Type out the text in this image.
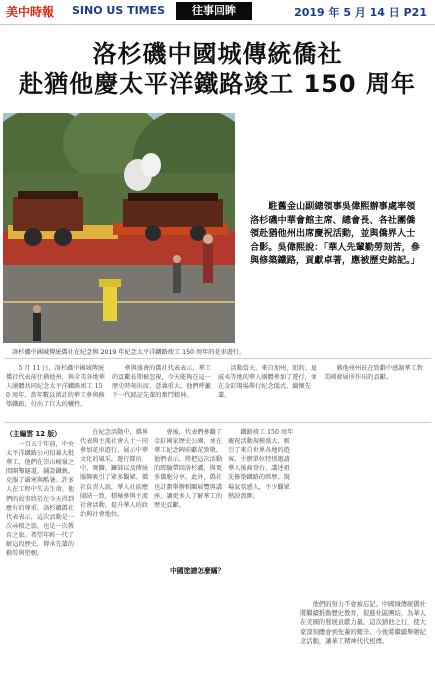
美中時報 SINO US TIMES	往事回眸	2019 年 5 月 14 日 P21
洛杉磯中國城傳統僑社
赴猶他慶太平洋鐵路竣工 150 周年
洛杉磯中國城傳統僑社在紀念與 2019 年紀念太平洋鐵路竣工 150 周年的花車遊行。

駐舊金山副總領事吳偉熙辦事處率領洛杉磯中華會館主席、總會長、各社團僑領赴猶他州出席慶祝活動，並與僑界人士合影。吳偉熙說：「華人先輩勤勞刻苦，參與修築鐵路，貢獻卓著，應被歷史銘記。」

5 月 11 日，洛杉磯中國城傳統僑社代表前往猶他州，與全美各地華人團體共同紀念太平洋鐵路竣工 150 周年。當年數以萬計的華工參與修築鐵路，付出了巨大的犧牲。

參與盛會的僑社代表表示，華工的貢獻長期被忽視，今天能夠在這一歷史時刻出席，意義重大。他們呼籲下一代銘記先輩的奮鬥精神。

活動當天，來自加州、紐約、夏威夷等地的華人團體參加了遊行，並在金釘現場舉行紀念儀式，緬懷先輩。

猶他州州長在致辭中感謝華工對美國發展所作出的貢獻。

（主編雲 12 版）

一百五十年前，中央太平洋鐵路公司招募大批華工，他們在崇山峻嶺之間開鑿隧道、鋪設鐵軌，克服了嚴寒與酷暑。許多人在工程中失去生命。他們的故事終於在今天得到應有的尊重。洛杉磯僑社代表表示，這次活動是一次尋根之旅，也是一次教育之旅。希望年輕一代了解這段歷史，傳承先輩的勤勞與堅韌。

在紀念活動中，僑界代表與主流社會人士一同參加花車遊行，展示中華文化的風采。遊行隊伍中，舞獅、鑼鼓以及傳統服飾吸引了眾多觀眾。僑社負責人說，華人社區應團結一致，積極參與主流社會活動，提升華人的政治與社會地位。

會後，代表們參觀了金釘國家歷史公園，並在華工紀念碑前獻花致敬。他們表示，將把這次活動的經驗帶回洛杉磯，與更多僑胞分享。此外，僑社也計劃舉辦相關展覽與講座，讓更多人了解華工的歷史貢獻。

中國塗譜怎麼瞞？

鐵路竣工 150 周年慶祝活動規模盛大，吸引了來自世界各地的遊客。主辦單位特別邀請華人後裔登台，講述祖先修築鐵路的經歷。現場氣氛感人，不少觀眾熱淚盈眶。

他們的努力不會被忘記。中國城傳統僑社將繼續推動歷史教育，促進社區團結，為華人在美國的發展貢獻力量。這次猶他之行，使大家深刻體會到先輩的艱辛。今後將繼續舉辦紀念活動，讓華工精神代代相傳。
